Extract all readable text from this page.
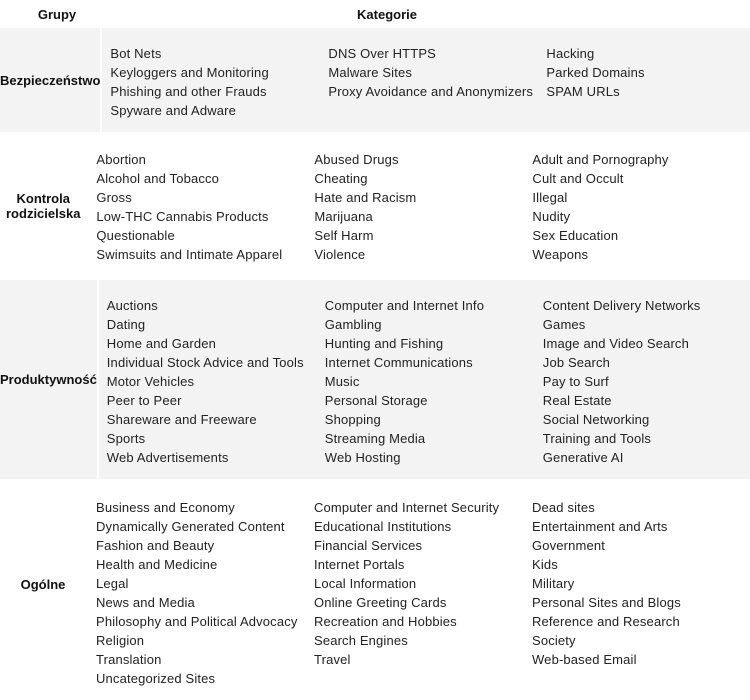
Grupy	Kategorie
Bezpieczeństwo
Bot Nets
Keyloggers and Monitoring
Phishing and other Frauds
Spyware and Adware
DNS Over HTTPS
Malware Sites
Proxy Avoidance and Anonymizers
Hacking
Parked Domains
SPAM URLs
Kontrola rodzicielska
Abortion
Alcohol and Tobacco
Gross
Low-THC Cannabis Products
Questionable
Swimsuits and Intimate Apparel
Abused Drugs
Cheating
Hate and Racism
Marijuana
Self Harm
Violence
Adult and Pornography
Cult and Occult
Illegal
Nudity
Sex Education
Weapons
Produktywność
Auctions
Dating
Home and Garden
Individual Stock Advice and Tools
Motor Vehicles
Peer to Peer
Shareware and Freeware
Sports
Web Advertisements
Computer and Internet Info
Gambling
Hunting and Fishing
Internet Communications
Music
Personal Storage
Shopping
Streaming Media
Web Hosting
Content Delivery Networks
Games
Image and Video Search
Job Search
Pay to Surf
Real Estate
Social Networking
Training and Tools
Generative AI
Ogólne
Business and Economy
Dynamically Generated Content
Fashion and Beauty
Health and Medicine
Legal
News and Media
Philosophy and Political Advocacy
Religion
Translation
Uncategorized Sites
Computer and Internet Security
Educational Institutions
Financial Services
Internet Portals
Local Information
Online Greeting Cards
Recreation and Hobbies
Search Engines
Travel
Dead sites
Entertainment and Arts
Government
Kids
Military
Personal Sites and Blogs
Reference and Research
Society
Web-based Email
